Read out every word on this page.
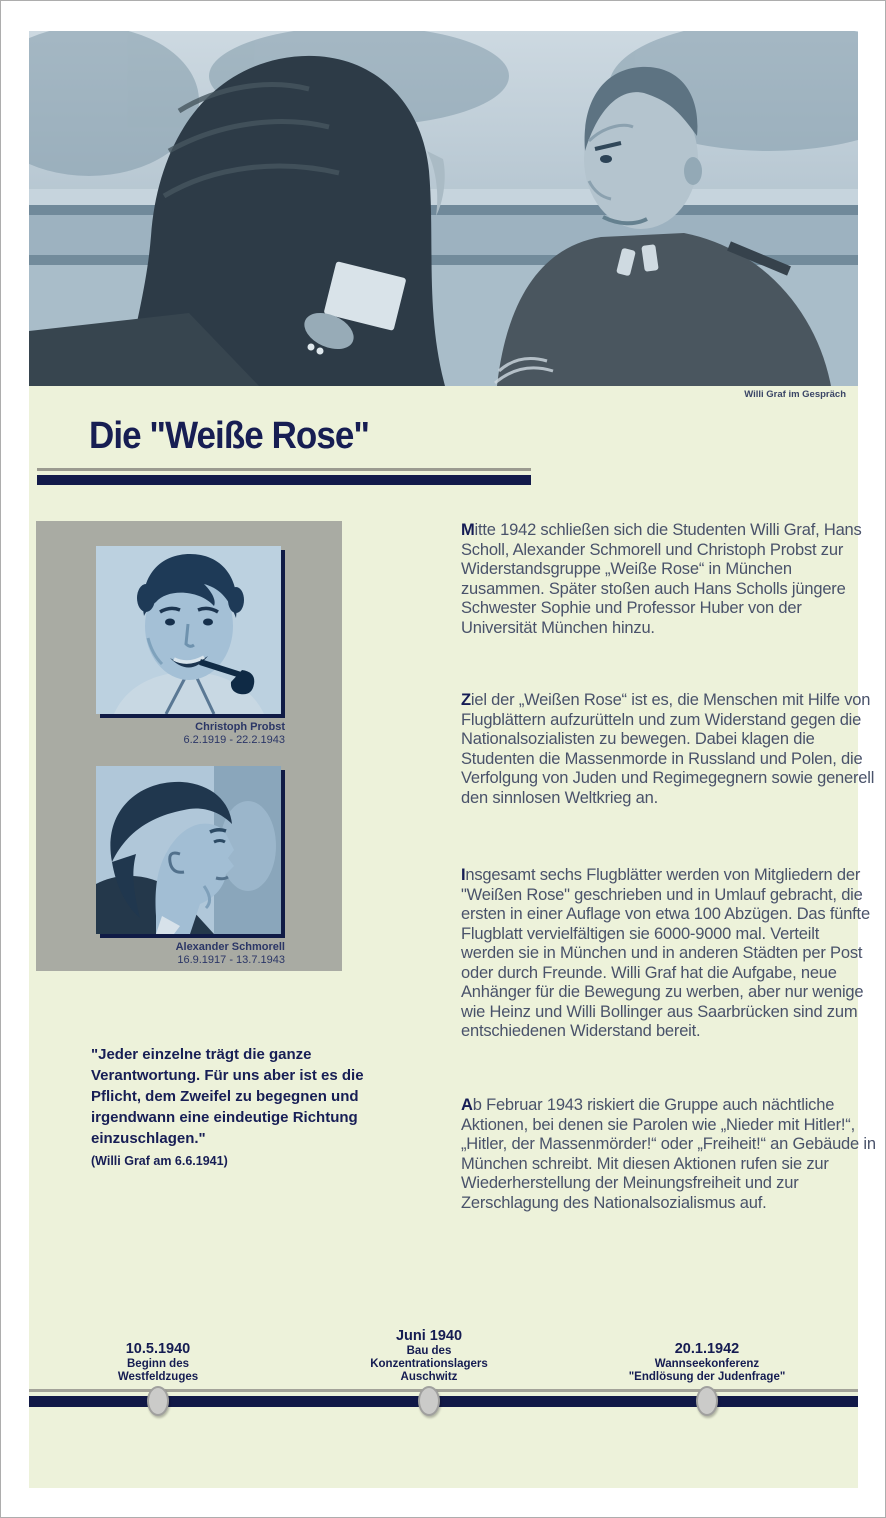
Willi Graf im Gespräch
Die "Weiße Rose"
Christoph Probst
6.2.1919 - 22.2.1943
Alexander Schmorell
16.9.1917 - 13.7.1943
"Jeder einzelne trägt die ganze Verantwortung. Für uns aber ist es die Pflicht, dem Zweifel zu begegnen und irgendwann eine eindeutige Richtung einzuschlagen."
(Willi Graf am 6.6.1941)

Mitte 1942 schließen sich die Studenten Willi Graf, Hans Scholl, Alexander Schmorell und Christoph Probst zur Widerstandsgruppe „Weiße Rose“ in München zusammen. Später stoßen auch Hans Scholls jüngere Schwester Sophie und Professor Huber von der Universität München hinzu.

Ziel der „Weißen Rose“ ist es, die Menschen mit Hilfe von Flugblättern aufzurütteln und zum Widerstand gegen die Nationalsozialisten zu bewegen. Dabei klagen die Studenten die Massenmorde in Russland und Polen, die Verfolgung von Juden und Regimegegnern sowie generell den sinnlosen Weltkrieg an.

Insgesamt sechs Flugblätter werden von Mitgliedern der "Weißen Rose" geschrieben und in Umlauf gebracht, die ersten in einer Auflage von etwa 100 Abzügen. Das fünfte Flugblatt vervielfältigen sie 6000-9000 mal. Verteilt werden sie in München und in anderen Städten per Post oder durch Freunde. Willi Graf hat die Aufgabe, neue Anhänger für die Bewegung zu werben, aber nur wenige wie Heinz und Willi Bollinger aus Saarbrücken sind zum entschiedenen Widerstand bereit.

Ab Februar 1943 riskiert die Gruppe auch nächtliche Aktionen, bei denen sie Parolen wie „Nieder mit Hitler!“, „Hitler, der Massenmörder!“ oder „Freiheit!“ an Gebäude in München schreibt. Mit diesen Aktionen rufen sie zur Wiederherstellung der Meinungsfreiheit und zur Zerschlagung des Nationalsozialismus auf.

10.5.1940
Beginn des
Westfeldzuges
Juni 1940
Bau des
Konzentrationslagers
Auschwitz
20.1.1942
Wannseekonferenz
"Endlösung der Judenfrage"
